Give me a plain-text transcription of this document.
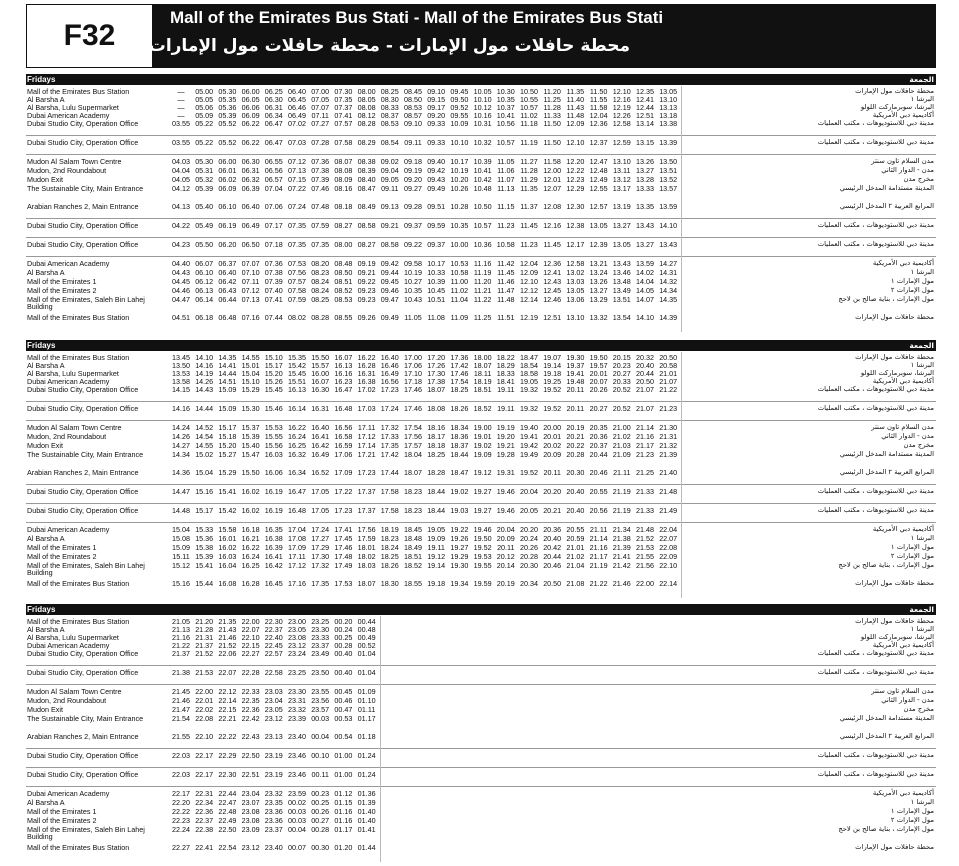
F32
Mall of the Emirates Bus Stati - Mall of the Emirates Bus Stati
محطة حافلات مول الإمارات - محطة حافلات مول الإمارات
Fridays	الجمعة
Mall of the Emirates Bus Station	—	05.00 05.30 06.00 06.25 06.40 07.00 07.30 08.00 08.25 08.45 09.10 09.45 10.05 10.30 10.50 11.20 11.35 11.50 12.10 12.35 13.05	محطة حافلات مول الإمارات
Al Barsha A	—	05.05 05.35 06.05 06.30 06.45 07.05 07.35 08.05 08.30 08.50 09.15 09.50 10.10 10.35 10.55 11.25 11.40 11.55 12.16 12.41 13.10	البرشا ١
Al Barsha, Lulu Supermarket	—	05.06 05.36 06.06 06.31 06.46 07.07 07.37 08.08 08.33 08.53 09.17 09.52 10.12 10.37 10.57 11.28 11.43 11.58 12.19 12.44 13.13	البرشا، سوبرماركت اللولو
Dubai American Academy	—	05.09 05.39 06.09 06.34 06.49 07.11 07.41 08.12 08.37 08.57 09.20 09.55 10.16 10.41 11.02 11.33 11.48 12.04 12.26 12.51 13.18	أكاديمية دبي الأمريكية
Dubai Studio City, Operation Office	03.55 05.22 05.52 06.22 06.47 07.02 07.27 07.57 08.28 08.53 09.10 09.33 10.09 10.31 10.56 11.18 11.50 12.09 12.36 12.58 13.14 13.38	مدينة دبي للاستوديوهات ، مكتب العمليات
Dubai Studio City, Operation Office	03.55 05.22 05.52 06.22 06.47 07.03 07.28 07.58 08.29 08.54 09.11 09.33 10.10 10.32 10.57 11.19 11.50 12.10 12.37 12.59 13.15 13.39	مدينة دبي للاستوديوهات ، مكتب العمليات
Mudon Al Salam Town Centre	04.03 05.30 06.00 06.30 06.55 07.12 07.36 08.07 08.38 09.02 09.18 09.40 10.17 10.39 11.05 11.27 11.58 12.20 12.47 13.10 13.26 13.50	مدن السلام تاون سنتر
Mudon, 2nd Roundabout	04.04 05.31 06.01 06.31 06.56 07.13 07.38 08.08 08.39 09.04 09.19 09.42 10.19 10.41 11.06 11.28 12.00 12.22 12.48 13.11 13.27 13.51	مدن - الدوار الثاني
Mudon Exit	04.05 05.32 06.02 06.32 06.57 07.15 07.39 08.09 08.40 09.05 09.20 09.43 10.20 10.42 11.07 11.29 12.01 12.23 12.49 13.12 13.28 13.52	مخرج مدن
The Sustainable City, Main Entrance	04.12 05.39 06.09 06.39 07.04 07.22 07.46 08.16 08.47 09.11 09.27 09.49 10.26 10.48 11.13 11.35 12.07 12.29 12.55 13.17 13.33 13.57	المدينة مستدامة المدخل الرئيسي
Arabian Ranches 2, Main Entrance	04.13 05.40 06.10 06.40 07.06 07.24 07.48 08.18 08.49 09.13 09.28 09.51 10.28 10.50 11.15 11.37 12.08 12.30 12.57 13.19 13.35 13.59	المرابع العربية ٢ المدخل الرئيسي
Dubai Studio City, Operation Office	04.22 05.49 06.19 06.49 07.17 07.35 07.59 08.27 08.58 09.21 09.37 09.59 10.35 10.57 11.23 11.45 12.16 12.38 13.05 13.27 13.43 14.10	مدينة دبي للاستوديوهات ، مكتب العمليات
Dubai Studio City, Operation Office	04.23 05.50 06.20 06.50 07.18 07.35 07.35 08.00 08.27 08.58 09.22 09.37 10.00 10.36 10.58 11.23 11.45 12.17 12.39 13.05 13.27 13.43	مدينة دبي للاستوديوهات ، مكتب العمليات
Dubai American Academy	04.40 06.07 06.37 07.07 07.36 07.53 08.20 08.48 09.19 09.42 09.58 10.17 10.53 11.16 11.42 12.04 12.36 12.58 13.21 13.43 13.59 14.27	أكاديمية دبي الأمريكية
Al Barsha A	04.43 06.10 06.40 07.10 07.38 07.56 08.23 08.50 09.21 09.44 10.19 10.33 10.58 11.19 11.45 12.09 12.41 13.02 13.24 13.46 14.02 14.31	البرشا ١
Mall of the Emirates 1	04.45 06.12 06.42 07.11 07.39 07.57 08.24 08.51 09.22 09.45 10.27 10.39 11.00 11.20 11.46 12.10 12.43 13.03 13.26 13.48 14.04 14.32	مول الإمارات ١
Mall of the Emirates 2	04.46 06.13 06.43 07.12 07.40 07.58 08.24 08.52 09.23 09.46 10.35 10.45 11.02 11.21 11.47 12.12 12.45 13.05 13.27 13.49 14.05 14.34	مول الإمارات ٢
Mall of the Emirates, Saleh Bin Lahej Building
04.47 06.14 06.44 07.13 07.41 07.59 08.25 08.53 09.23 09.47 10.43 10.51 11.04 11.22 11.48 12.14 12.46 13.06 13.29 13.51 14.07 14.35	مول الإمارات ، بناية صالح بن لاحج
Mall of the Emirates Bus Station	04.51 06.18 06.48 07.16 07.44 08.02 08.28 08.55 09.26 09.49 11.05 11.08 11.09 11.25 11.51 12.19 12.51 13.10 13.32 13.54 14.10 14.39	محطة حافلات مول الإمارات
Fridays	الجمعة
Mall of the Emirates Bus Station	13.45 14.10 14.35 14.55 15.10 15.35 15.50 16.07 16.22 16.40 17.00 17.20 17.36 18.00 18.22 18.47 19.07 19.30 19.50 20.15 20.32 20.50	محطة حافلات مول الإمارات
Al Barsha A	13.50 14.16 14.41 15.01 15.17 15.42 15.57 16.13 16.28 16.46 17.06 17.26 17.42 18.07 18.29 18.54 19.14 19.37 19.57 20.23 20.40 20.58	البرشا ١
Al Barsha, Lulu Supermarket	13.53 14.19 14.44 15.04 15.20 15.45 16.00 16.16 16.31 16.49 17.10 17.30 17.46 18.11 18.33 18.58 19.18 19.41 20.01 20.27 20.44 21.01	البرشا، سوبرماركت اللولو
Dubai American Academy	13.58 14.26 14.51 15.10 15.26 15.51 16.07 16.23 16.38 16.56 17.18 17.38 17.54 18.19 18.41 19.05 19.25 19.48 20.07 20.33 20.50 21.07	أكاديمية دبي الأمريكية
Dubai Studio City, Operation Office	14.15 14.43 15.09 15.29 15.45 16.13 16.30 16.47 17.02 17.23 17.46 18.07 18.25 18.51 19.11 19.32 19.52 20.11 20.26 20.52 21.07 21.22	مدينة دبي للاستوديوهات ، مكتب العمليات
Dubai Studio City, Operation Office	14.16 14.44 15.09 15.30 15.46 16.14 16.31 16.48 17.03 17.24 17.46 18.08 18.26 18.52 19.11 19.32 19.52 20.11 20.27 20.52 21.07 21.23	مدينة دبي للاستوديوهات ، مكتب العمليات
Mudon Al Salam Town Centre	14.24 14.52 15.17 15.37 15.53 16.22 16.40 16.56 17.11 17.32 17.54 18.16 18.34 19.00 19.19 19.40 20.00 20.19 20.35 21.00 21.14 21.30	مدن السلام تاون سنتر
Mudon, 2nd Roundabout	14.26 14.54 15.18 15.39 15.55 16.24 16.41 16.58 17.12 17.33 17.56 18.17 18.36 19.01 19.20 19.41 20.01 20.21 20.36 21.02 21.16 21.31	مدن - الدوار الثاني
Mudon Exit	14.27 14.55 15.20 15.40 15.56 16.25 16.42 16.59 17.14 17.35 17.57 18.18 18.37 19.02 19.21 19.42 20.02 20.22 20.37 21.03 21.17 21.32	مخرج مدن
The Sustainable City, Main Entrance	14.34 15.02 15.27 15.47 16.03 16.32 16.49 17.06 17.21 17.42 18.04 18.25 18.44 19.09 19.28 19.49 20.09 20.28 20.44 21.09 21.23 21.39	المدينة مستدامة المدخل الرئيسي
Arabian Ranches 2, Main Entrance	14.36 15.04 15.29 15.50 16.06 16.34 16.52 17.09 17.23 17.44 18.07 18.28 18.47 19.12 19.31 19.52 20.11 20.30 20.46 21.11 21.25 21.40	المرابع العربية ٢ المدخل الرئيسي
Dubai Studio City, Operation Office	14.47 15.16 15.41 16.02 16.19 16.47 17.05 17.22 17.37 17.58 18.23 18.44 19.02 19.27 19.46 20.04 20.20 20.40 20.55 21.19 21.33 21.48	مدينة دبي للاستوديوهات ، مكتب العمليات
Dubai Studio City, Operation Office	14.48 15.17 15.42 16.02 16.19 16.48 17.05 17.23 17.37 17.58 18.23 18.44 19.03 19.27 19.46 20.05 20.21 20.40 20.56 21.19 21.33 21.49	مدينة دبي للاستوديوهات ، مكتب العمليات
Dubai American Academy	15.04 15.33 15.58 16.18 16.35 17.04 17.24 17.41 17.56 18.19 18.45 19.05 19.22 19.46 20.04 20.20 20.36 20.55 21.11 21.34 21.48 22.04	أكاديمية دبي الأمريكية
Al Barsha A	15.08 15.36 16.01 16.21 16.38 17.08 17.27 17.45 17.59 18.23 18.48 19.09 19.26 19.50 20.09 20.24 20.40 20.59 21.14 21.38 21.52 22.07	البرشا ١
Mall of the Emirates 1	15.09 15.38 16.02 16.22 16.39 17.09 17.29 17.46 18.01 18.24 18.49 19.11 19.27 19.52 20.11 20.26 20.42 21.01 21.16 21.39 21.53 22.08	مول الإمارات ١
Mall of the Emirates 2	15.11 15.39 16.03 16.24 16.41 17.11 17.30 17.48 18.02 18.25 18.51 19.12 19.29 19.53 20.12 20.28 20.44 21.02 21.17 21.41 21.55 22.09	مول الإمارات ٢
Mall of the Emirates, Saleh Bin Lahej Building
15.12 15.41 16.04 16.25 16.42 17.12 17.32 17.49 18.03 18.26 18.52 19.14 19.30 19.55 20.14 20.30 20.46 21.04 21.19 21.42 21.56 22.10	مول الإمارات ، بناية صالح بن لاحج
Mall of the Emirates Bus Station	15.16 15.44 16.08 16.28 16.45 17.16 17.35 17.53 18.07 18.30 18.55 19.18 19.34 19.59 20.19 20.34 20.50 21.08 21.22 21.46 22.00 22.14	محطة حافلات مول الإمارات
Fridays	الجمعة
Mall of the Emirates Bus Station	21.05 21.20 21.35 22.00 22.30 23.00 23.25 00.20 00.44	محطة حافلات مول الإمارات
Al Barsha A	21.13 21.28 21.43 22.07 22.37 23.05 23.30 00.24 00.48	البرشا ١
Al Barsha, Lulu Supermarket	21.16 21.31 21.46 22.10 22.40 23.08 23.33 00.25 00.49	البرشا، سوبرماركت اللولو
Dubai American Academy	21.22 21.37 21.52 22.15 22.45 23.12 23.37 00.28 00.52	أكاديمية دبي الأمريكية
Dubai Studio City, Operation Office	21.37 21.52 22.06 22.27 22.57 23.24 23.49 00.40 01.04	مدينة دبي للاستوديوهات ، مكتب العمليات
Dubai Studio City, Operation Office	21.38 21.53 22.07 22.28 22.58 23.25 23.50 00.40 01.04	مدينة دبي للاستوديوهات ، مكتب العمليات
Mudon Al Salam Town Centre	21.45 22.00 22.12 22.33 23.03 23.30 23.55 00.45 01.09	مدن السلام تاون سنتر
Mudon, 2nd Roundabout	21.46 22.01 22.14 22.35 23.04 23.31 23.56 00.46 01.10	مدن - الدوار الثاني
Mudon Exit	21.47 22.02 22.15 22.36 23.05 23.32 23.57 00.47 01.11	مخرج مدن
The Sustainable City, Main Entrance	21.54 22.08 22.21 22.42 23.12 23.39 00.03 00.53 01.17	المدينة مستدامة المدخل الرئيسي
Arabian Ranches 2, Main Entrance	21.55 22.10 22.22 22.43 23.13 23.40 00.04 00.54 01.18	المرابع العربية ٢ المدخل الرئيسي
Dubai Studio City, Operation Office	22.03 22.17 22.29 22.50 23.19 23.46 00.10 01.00 01.24	مدينة دبي للاستوديوهات ، مكتب العمليات
Dubai Studio City, Operation Office	22.03 22.17 22.30 22.51 23.19 23.46 00.11 01.00 01.24	مدينة دبي للاستوديوهات ، مكتب العمليات
Dubai American Academy	22.17 22.31 22.44 23.04 23.32 23.59 00.23 01.12 01.36	أكاديمية دبي الأمريكية
Al Barsha A	22.20 22.34 22.47 23.07 23.35 00.02 00.25 01.15 01.39	البرشا ١
Mall of the Emirates 1	22.22 22.36 22.48 23.08 23.36 00.03 00.26 01.16 01.40	مول الإمارات ١
Mall of the Emirates 2	22.23 22.37 22.49 23.08 23.36 00.03 00.27 01.16 01.40	مول الإمارات ٢
Mall of the Emirates, Saleh Bin Lahej Building
22.24 22.38 22.50 23.09 23.37 00.04 00.28 01.17 01.41	مول الإمارات ، بناية صالح بن لاحج
Mall of the Emirates Bus Station	22.27 22.41 22.54 23.12 23.40 00.07 00.30 01.20 01.44	محطة حافلات مول الإمارات
